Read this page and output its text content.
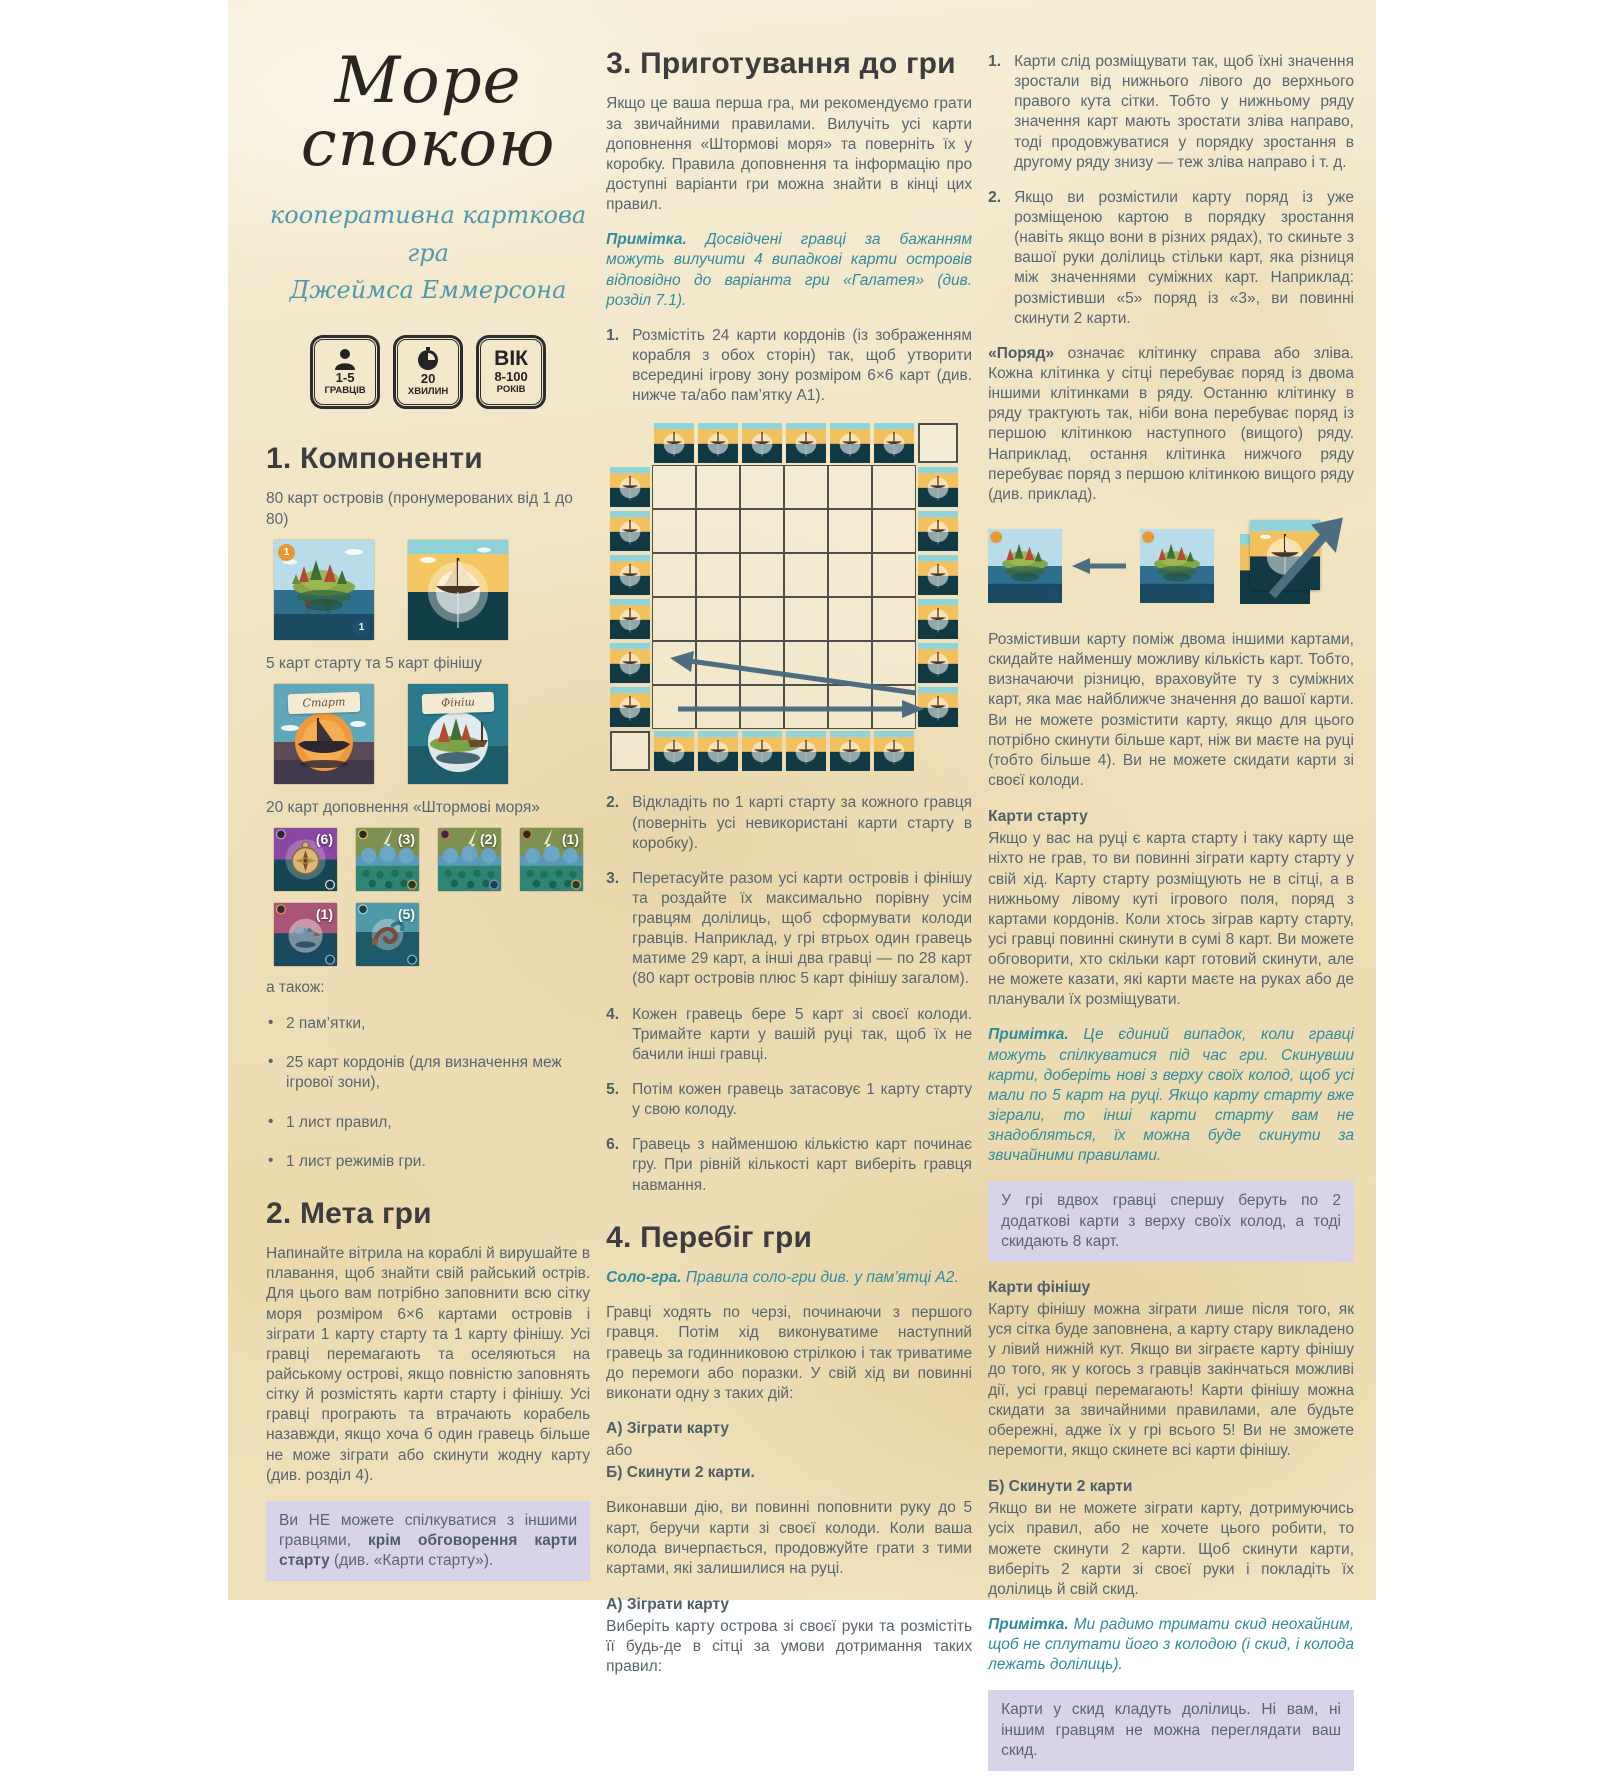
Море
спокою
кооперативна карткова гра
Джеймса Еммерсона
1-5
ГРАВЦІВ
20
ХВИЛИН
ВІК
8-100
РОКІВ
1. Компоненти

80 карт островів (пронумерованих від 1 до 80)

1
1

5 карт старту та 5 карт фінішу

Старт	Фініш

20 карт доповнення «Штормові моря»

(6)	(3)	(2)	(1)
(1)	(5)

а також:

• 2 пам’ятки,
• 25 карт кордонів (для визначення меж ігрової зони),
• 1 лист правил,
• 1 лист режимів гри.
2. Мета гри

Напинайте вітрила на кораблі й вирушайте в плавання, щоб знайти свій райський острів. Для цього вам потрібно заповнити всю сітку моря розміром 6×6 картами островів і зіграти 1 карту старту та 1 карту фінішу. Усі гравці перемагають та оселяються на райському острові, якщо повністю заповнять сітку й розмістять карти старту і фінішу. Усі гравці програють та втрачають корабель назавжди, якщо хоча б один гравець більше не може зіграти або скинути жодну карту (див. розділ 4).

Ви НЕ можете спілкуватися з іншими гравцями, крім обговорення карти старту (див. «Карти старту»).
3. Приготування до гри

Якщо це ваша перша гра, ми рекомендуємо грати за звичайними правилами. Вилучіть усі карти доповнення «Штормові моря» та поверніть їх у коробку. Правила доповнення та інформацію про доступні варіанти гри можна знайти в кінці цих правил.

Примітка. Досвідчені гравці за бажанням можуть вилучити 4 випадкові карти островів відповідно до варіанта гри «Галатея» (див. розділ 7.1).

1. Розмістіть 24 карти кордонів (із зображенням корабля з обох сторін) так, щоб утворити всередині ігрову зону розміром 6×6 карт (див. нижче та/або пам’ятку А1).
2. Відкладіть по 1 карті старту за кожного гравця (поверніть усі невикористані карти старту в коробку).
3. Перетасуйте разом усі карти островів і фінішу та роздайте їх максимально порівну усім гравцям долілиць, щоб сформувати колоди гравців. Наприклад, у грі втрьох один гравець матиме 29 карт, а інші два гравці — по 28 карт (80 карт островів плюс 5 карт фінішу загалом).
4. Кожен гравець бере 5 карт зі своєї колоди. Тримайте карти у вашій руці так, щоб їх не бачили інші гравці.
5. Потім кожен гравець затасовує 1 карту старту у свою колоду.
6. Гравець з найменшою кількістю карт починає гру. При рівній кількості карт виберіть гравця навмання.
4. Перебіг гри

Соло-гра. Правила соло-гри див. у пам’ятці А2.

Гравці ходять по черзі, починаючи з першого гравця. Потім хід виконуватиме наступний гравець за годинниковою стрілкою і так триватиме до перемоги або поразки. У свій хід ви повинні виконати одну з таких дій:

А) Зіграти карту

або

Б) Скинути 2 карти.

Виконавши дію, ви повинні поповнити руку до 5 карт, беручи карти зі своєї колоди. Коли ваша колода вичерпається, продовжуйте грати з тими картами, які залишилися на руці.

А) Зіграти карту

Виберіть карту острова зі своєї руки та розмістіть її будь-де в сітці за умови дотримання таких правил:

1. Карти слід розміщувати так, щоб їхні значення зростали від нижнього лівого до верхнього правого кута сітки. Тобто у нижньому ряду значення карт мають зростати зліва направо, тоді продовжуватися у порядку зростання в другому ряду знизу — теж зліва направо і т. д.
2. Якщо ви розмістили карту поряд із уже розміщеною картою в порядку зростання (навіть якщо вони в різних рядах), то скиньте з вашої руки долілиць стільки карт, яка різниця між значеннями суміжних карт. Наприклад: розмістивши «5» поряд із «3», ви повинні скинути 2 карти.

«Поряд» означає клітинку справа або зліва. Кожна клітинка у сітці перебуває поряд із двома іншими клітинками в ряду. Останню клітинку в ряду трактують так, ніби вона перебуває поряд із першою клітинкою наступного (вищого) ряду. Наприклад, остання клітинка нижчого ряду перебуває поряд з першою клітинкою вищого ряду (див. приклад).

Розмістивши карту поміж двома іншими картами, скидайте найменшу можливу кількість карт. Тобто, визначаючи різницю, враховуйте ту з суміжних карт, яка має найближче значення до вашої карти. Ви не можете розмістити карту, якщо для цього потрібно скинути більше карт, ніж ви маєте на руці (тобто більше 4). Ви не можете скидати карти зі своєї колоди.

Карти старту

Якщо у вас на руці є карта старту і таку карту ще ніхто не грав, то ви повинні зіграти карту старту у свій хід. Карту старту розміщують не в сітці, а в нижньому лівому куті ігрового поля, поряд з картами кордонів. Коли хтось зіграв карту старту, усі гравці повинні скинути в сумі 8 карт. Ви можете обговорити, хто скільки карт готовий скинути, але не можете казати, які карти маєте на руках або де планували їх розміщувати.

Примітка. Це єдиний випадок, коли гравці можуть спілкуватися під час гри. Скинувши карти, доберіть нові з верху своїх колод, щоб усі мали по 5 карт на руці. Якщо карту старту вже зіграли, то інші карти старту вам не знадобляться, їх можна буде скинути за звичайними правилами.

У грі вдвох гравці спершу беруть по 2 додаткові карти з верху своїх колод, а тоді скидають 8 карт.
Карти фінішу

Карту фінішу можна зіграти лише після того, як уся сітка буде заповнена, а карту стару викладено у лівий нижній кут. Якщо ви зіграєте карту фінішу до того, як у когось з гравців закінчаться можливі дії, усі гравці перемагають! Карти фінішу можна скидати за звичайними правилами, але будьте обережні, адже їх у грі всього 5! Ви не зможете перемогти, якщо скинете всі карти фінішу.

Б) Скинути 2 карти

Якщо ви не можете зіграти карту, дотримуючись усіх правил, або не хочете цього робити, то можете скинути 2 карти. Щоб скинути карти, виберіть 2 карти зі своєї руки і покладіть їх долілиць й свій скид.

Примітка. Ми радимо тримати скид неохайним, щоб не сплутати його з колодою (і скид, і колода лежать долілиць).

Карти у скид кладуть долілиць. Ні вам, ні іншим гравцям не можна переглядати ваш скид.
